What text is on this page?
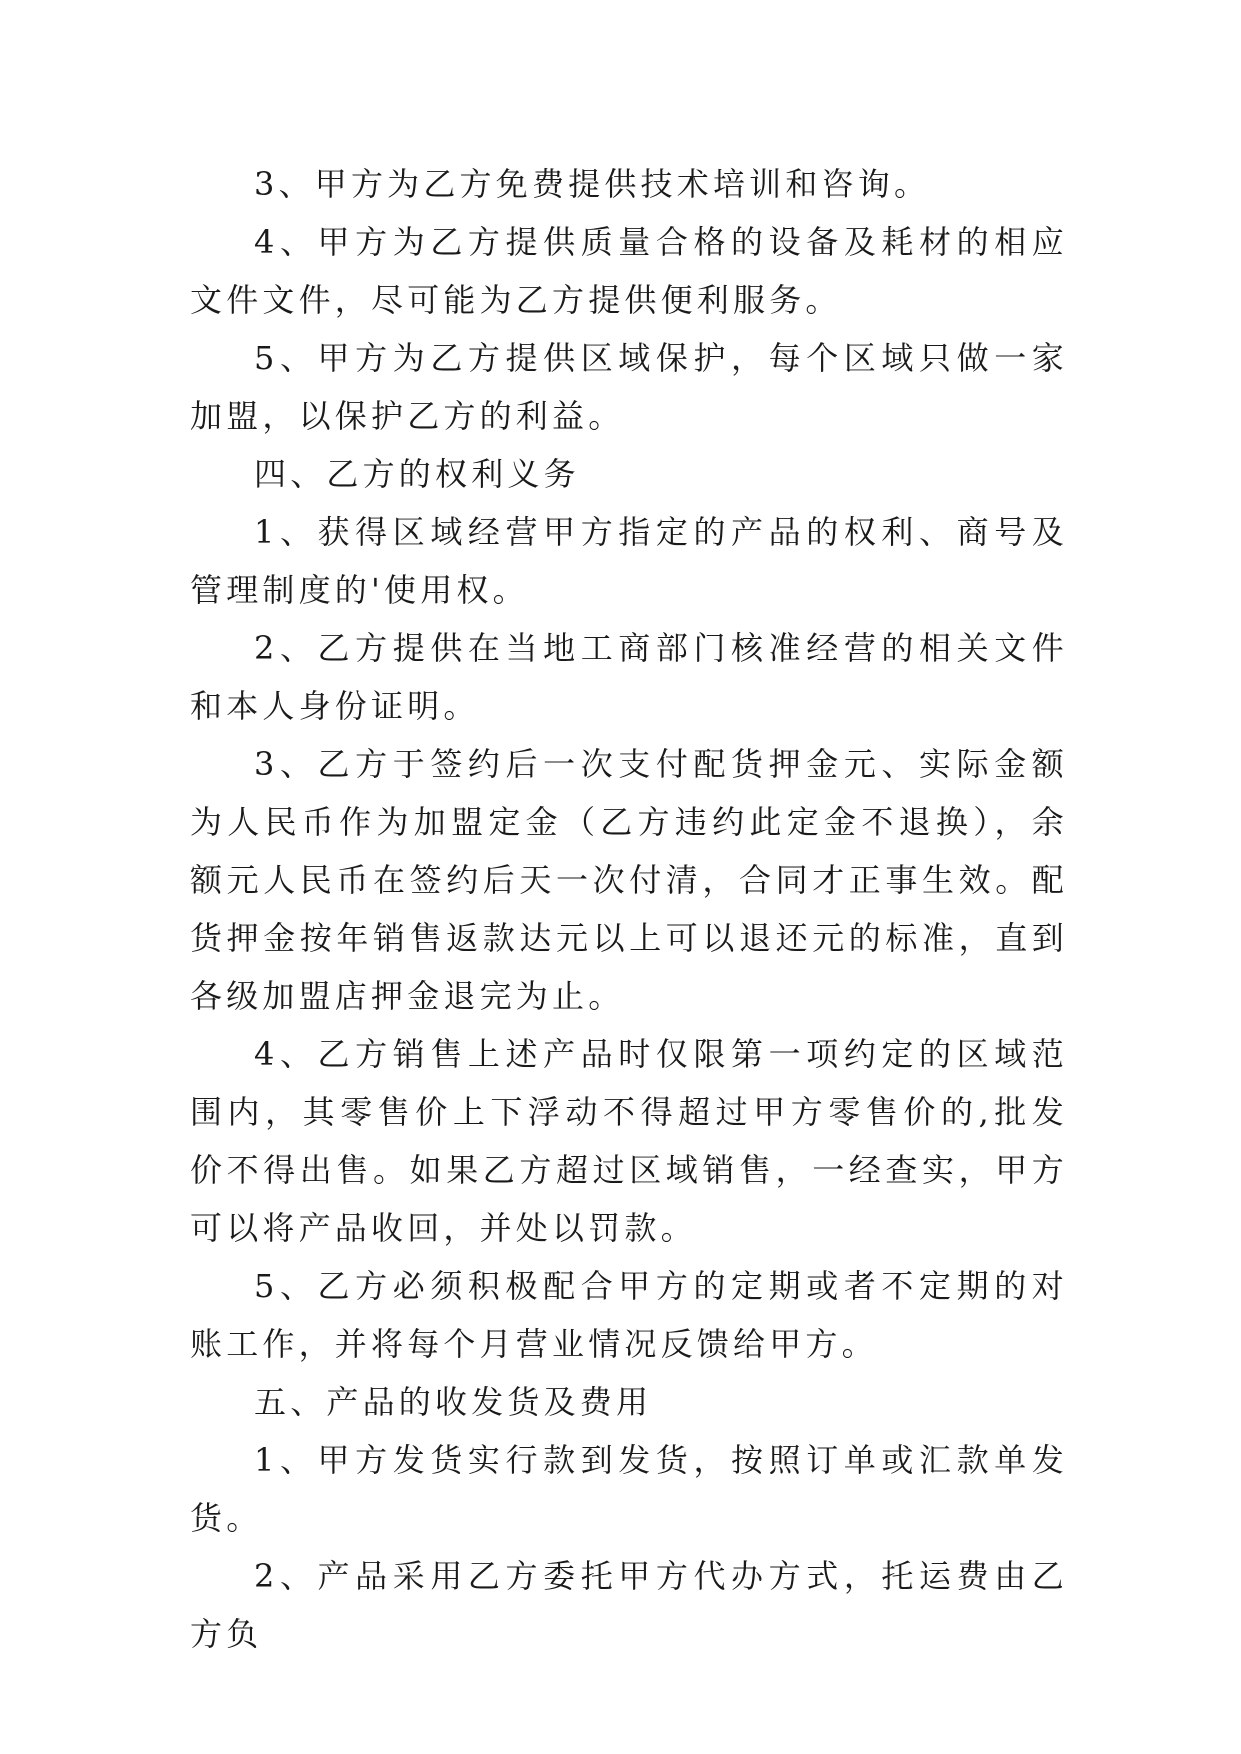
3、甲方为乙方免费提供技术培训和咨询。

4、甲方为乙方提供质量合格的设备及耗材的相应文件文件，尽可能为乙方提供便利服务。

5、甲方为乙方提供区域保护，每个区域只做一家加盟，以保护乙方的利益。

四、乙方的权利义务

1、获得区域经营甲方指定的产品的权利、商号及管理制度的'使用权。

2、乙方提供在当地工商部门核准经营的相关文件和本人身份证明。

3、乙方于签约后一次支付配货押金元、实际金额为人民币作为加盟定金（乙方违约此定金不退换），余额元人民币在签约后天一次付清，合同才正事生效。配货押金按年销售返款达元以上可以退还元的标准，直到各级加盟店押金退完为止。

4、乙方销售上述产品时仅限第一项约定的区域范围内，其零售价上下浮动不得超过甲方零售价的,批发价不得出售。如果乙方超过区域销售，一经查实，甲方可以将产品收回，并处以罚款。

5、乙方必须积极配合甲方的定期或者不定期的对账工作，并将每个月营业情况反馈给甲方。

五、产品的收发货及费用

1、甲方发货实行款到发货，按照订单或汇款单发货。

2、产品采用乙方委托甲方代办方式，托运费由乙方负
